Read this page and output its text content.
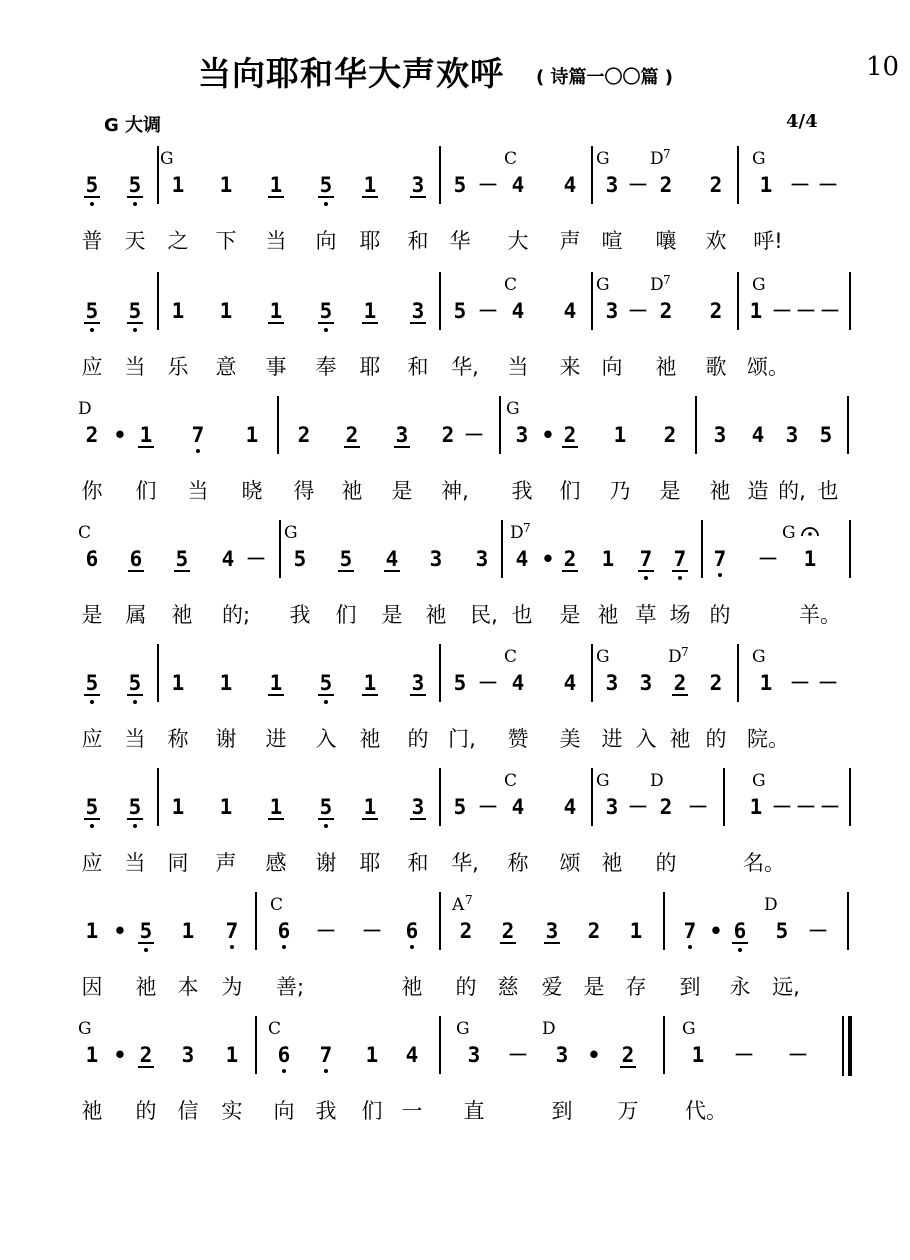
当向耶和华大声欢呼 ( 诗篇一〇〇篇 )	10
G 大调	4/4
G	C	G D 7	G
5 5 1 1 1 5 1 3 5 － 4 4 3 － 2 2 1 － －
普 天 之 下 当 向 耶 和 华 大 声 喧 嚷 欢 呼!
C	G D 7	G
5 5 1 1 1 5 1 3 5 － 4 4 3 － 2 2 1 － － －
应 当 乐 意 事 奉 耶 和 华, 当 来 向 祂 歌 颂。
D	G
2 • 1 7 1 2 2 3 2 － 3 • 2 1 2 3 4 3 5
你 们 当 晓 得 祂 是 神, 我 们 乃 是 祂 造 的, 也
C	G	D 7	G
6 6 5 4 － 5 5 4 3 3 4 • 2 1 7 7 7 － 1
是 属 祂 的; 我 们 是 祂 民, 也 是 祂 草 场 的	羊。
C	G	D 7	G
5 5 1 1 1 5 1 3 5 － 4 4 3 3 2 2 1 － －
应 当 称 谢 进 入 祂 的 门, 赞 美 进 入 祂 的 院。
C	G D	G
5 5 1 1 1 5 1 3 5 － 4 4 3 － 2 － 1 － － －
应 当 同 声 感 谢 耶 和 华, 称 颂 祂 的	名。
C	A 7	D
1 • 5 1 7 6 － － 6 2 2 3 2 1 7 • 6 5 －
因 祂 本 为 善;	祂 的 慈 爱 是 存 到 永 远,
G	C	G	D	G
1 • 2 3 1 6 7 1 4 3 － 3 • 2	1 － －
祂 的 信 实 向 我 们 一 直	到 万 代。
